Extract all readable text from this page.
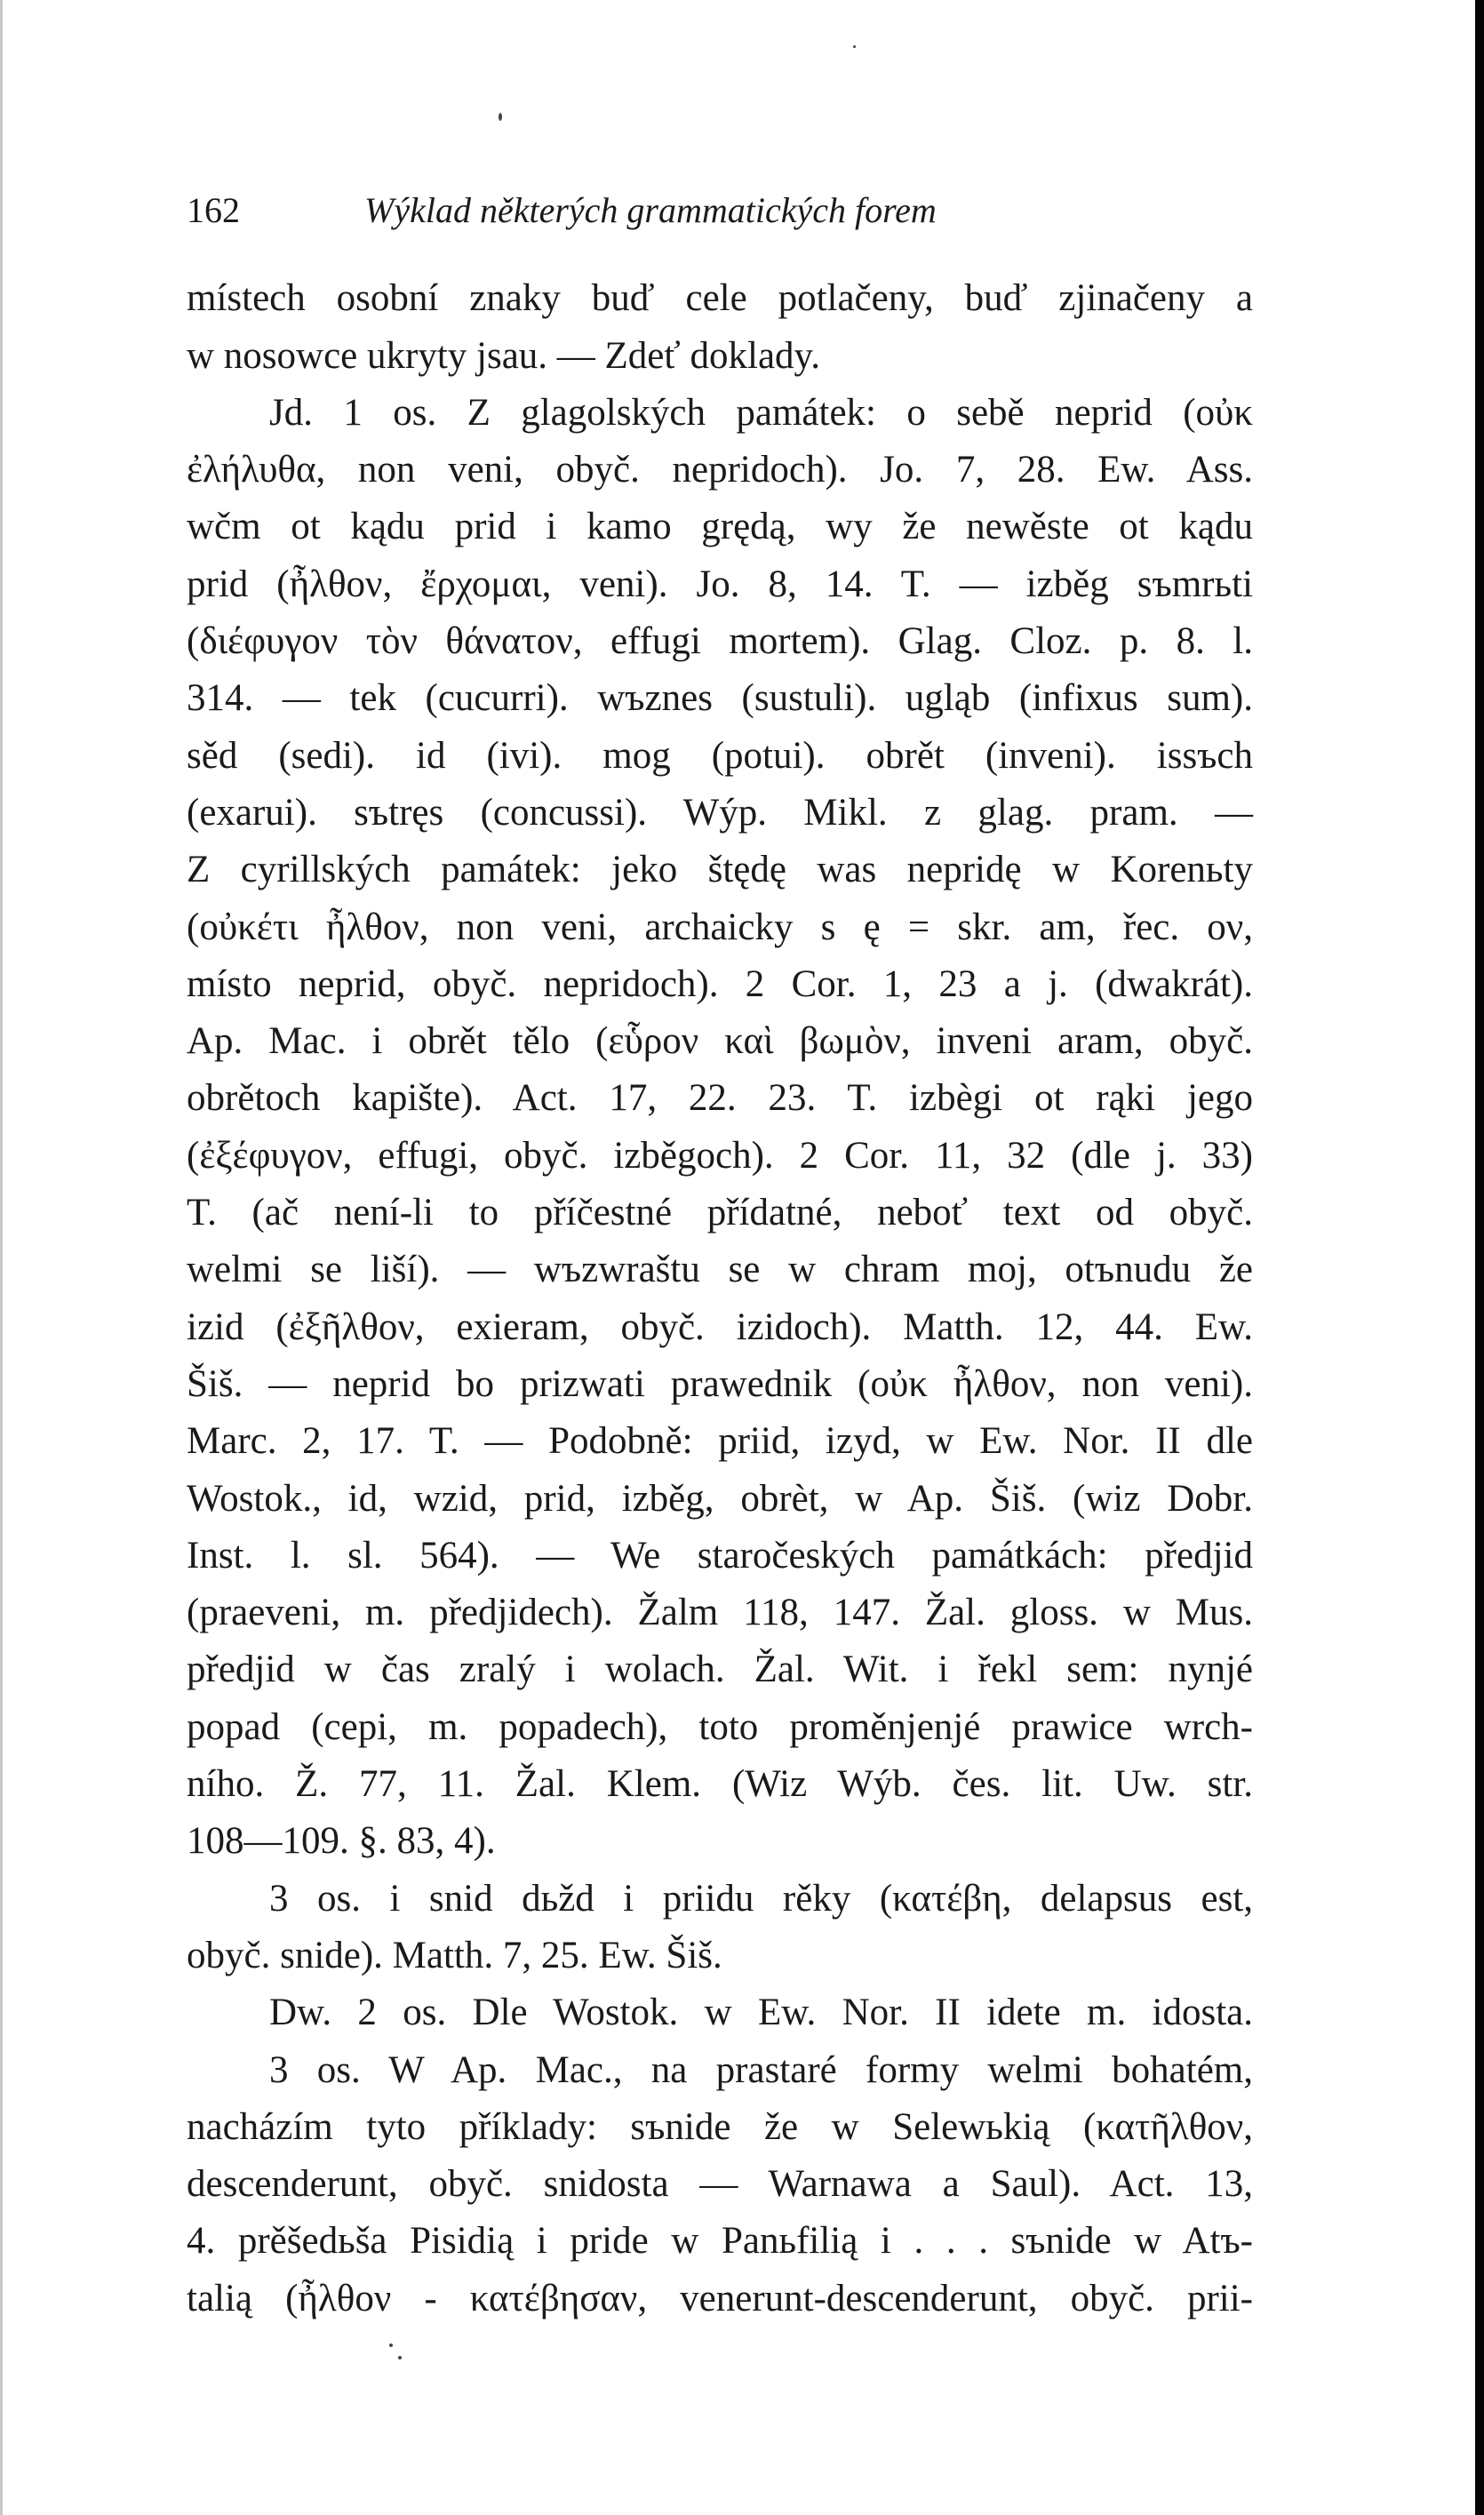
162	Wýklad některých grammatických forem
místech osobní znaky buď cele potlačeny, buď zjinačeny a
w nosowce ukryty jsau. — Zdeť doklady.
Jd. 1 os. Z glagolských památek: o sebě neprid (οὐκ
ἐλήλυθα, non veni, obyč. nepridoch). Jo. 7, 28. Ew. Ass.
wčm ot kądu prid i kamo grędą, wy že newěste ot kądu
prid (ἦλθον, ἔρχομαι, veni). Jo. 8, 14. T. — izběg sъmrьti
(διέφυγον τὸν θάνατον, effugi mortem). Glag. Cloz. p. 8. l.
314. — tek (cucurri). wъznes (sustuli). ugląb (infixus sum).
sěd (sedi). id (ivi). mog (potui). obrět (inveni). issъch
(exarui). sъtręs (concussi). Wýp. Mikl. z glag. pram. —
Z cyrillských památek: jeko štędę was nepridę w Korenьty
(οὐκέτι ἦλθον, non veni, archaicky s ę = skr. am, řec. ον,
místo neprid, obyč. nepridoch). 2 Cor. 1, 23 a j. (dwakrát).
Ap. Mac. i obrět tělo (εὗρον καὶ βωμὸν, inveni aram, obyč.
obrětoch kapište). Act. 17, 22. 23. T. izbègi ot rąki jego
(ἐξέφυγον, effugi, obyč. izběgoch). 2 Cor. 11, 32 (dle j. 33)
T. (ač není-li to příčestné přídatné, neboť text od obyč.
welmi se liší). — wъzwraštu se w chram moj, otъnudu že
izid (ἐξῆλθον, exieram, obyč. izidoch). Matth. 12, 44. Ew.
Šiš. — neprid bo prizwati prawednik (οὐκ ἦλθον, non veni).
Marc. 2, 17. T. — Podobně: priid, izyd, w Ew. Nor. II dle
Wostok., id, wzid, prid, izběg, obrèt, w Ap. Šiš. (wiz Dobr.
Inst. l. sl. 564). — We staročeských památkách: předjid
(praeveni, m. předjidech). Žalm 118, 147. Žal. gloss. w Mus.
předjid w čas zralý i wolach. Žal. Wit. i řekl sem: nynjé
popad (cepi, m. popadech), toto proměnjenjé prawice wrch-
ního. Ž. 77, 11. Žal. Klem. (Wiz Wýb. čes. lit. Uw. str.
108—109. §. 83, 4).
3 os. i snid dьžd i priidu rěky (κατέβη, delapsus est,
obyč. snide). Matth. 7, 25. Ew. Šiš.
Dw. 2 os. Dle Wostok. w Ew. Nor. II idete m. idosta.
3 os. W Ap. Mac., na prastaré formy welmi bohatém,
nacházím tyto příklady: sъnide že w Selewьkią (κατῆλθον,
descenderunt, obyč. snidosta — Warnawa a Saul). Act. 13,
4. prěšedьša Pisidią i pride w Panьfilią i . . . sъnide w Atъ-
talią (ἦλθον - κατέβησαν, venerunt-descenderunt, obyč. prii-
